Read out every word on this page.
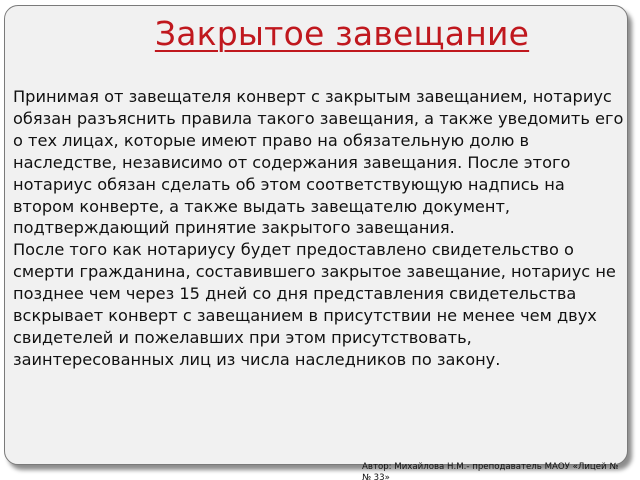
Закрытое завещание

Принимая от завещателя конверт с закрытым завещанием, нотариус обязан разъяснить правила такого завещания, а также уведомить его о тех лицах, которые имеют право на обязательную долю в наследстве, независимо от содержания завещания. После этого нотариус обязан сделать об этом соответствующую надпись на втором конверте, а также выдать завещателю документ, подтверждающий принятие закрытого завещания.

После того как нотариусу будет предоставлено свидетельство о смерти гражданина, составившего закрытое завещание, нотариус не позднее чем через 15 дней со дня представления свидетельства вскрывает конверт с завещанием в присутствии не менее чем двух свидетелей и пожелавших при этом присутствовать, заинтересованных лиц из числа наследников по закону.

Автор: Михайлова Н.М.- преподаватель МАОУ «Лицей №
№ 33»
